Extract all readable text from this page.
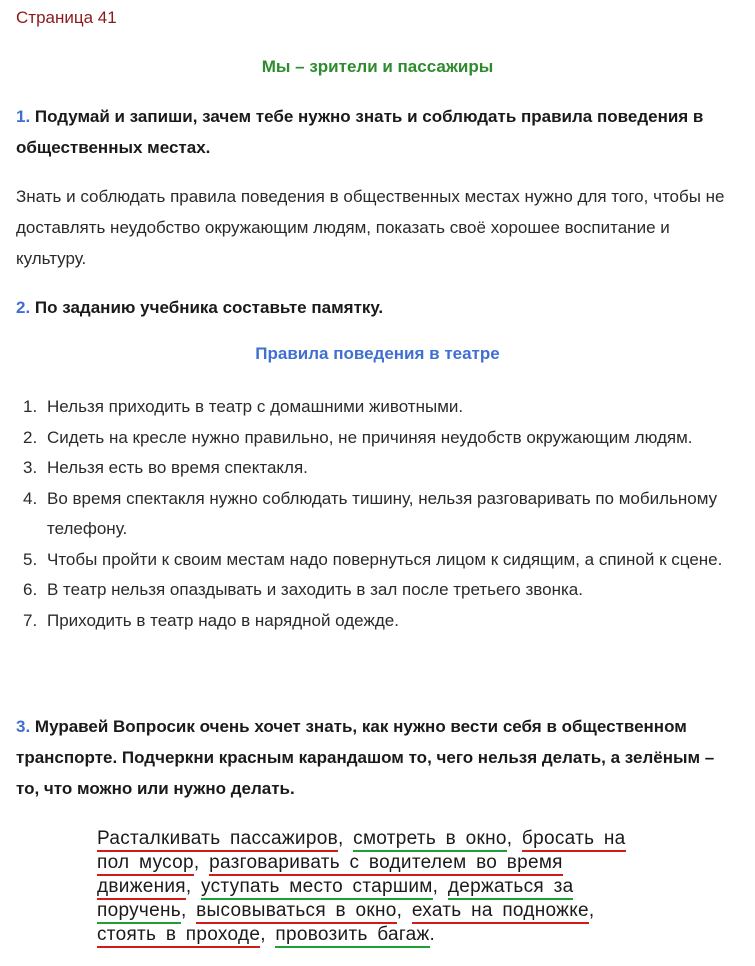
Страница 41
Мы – зрители и пассажиры
1. Подумай и запиши, зачем тебе нужно знать и соблюдать правила поведения в общественных местах.
Знать и соблюдать правила поведения в общественных местах нужно для того, чтобы не доставлять неудобство окружающим людям, показать своё хорошее воспитание и культуру.
2. По заданию учебника составьте памятку.
Правила поведения в театре
1. Нельзя приходить в театр с домашними животными.
2. Сидеть на кресле нужно правильно, не причиняя неудобств окружающим людям.
3. Нельзя есть во время спектакля.
4. Во время спектакля нужно соблюдать тишину, нельзя разговаривать по мобильному телефону.
5. Чтобы пройти к своим местам надо повернуться лицом к сидящим, а спиной к сцене.
6. В театр нельзя опаздывать и заходить в зал после третьего звонка.
7. Приходить в театр надо в нарядной одежде.
3. Муравей Вопросик очень хочет знать, как нужно вести себя в общественном транспорте. Подчеркни красным карандашом то, чего нельзя делать, а зелёным – то, что можно или нужно делать.
Расталкивать пассажиров, смотреть в окно, бросать на пол мусор, разговаривать с водителем во время движения, уступать место старшим, держаться за поручень, высовываться в окно, ехать на подножке, стоять в проходе, провозить багаж.
